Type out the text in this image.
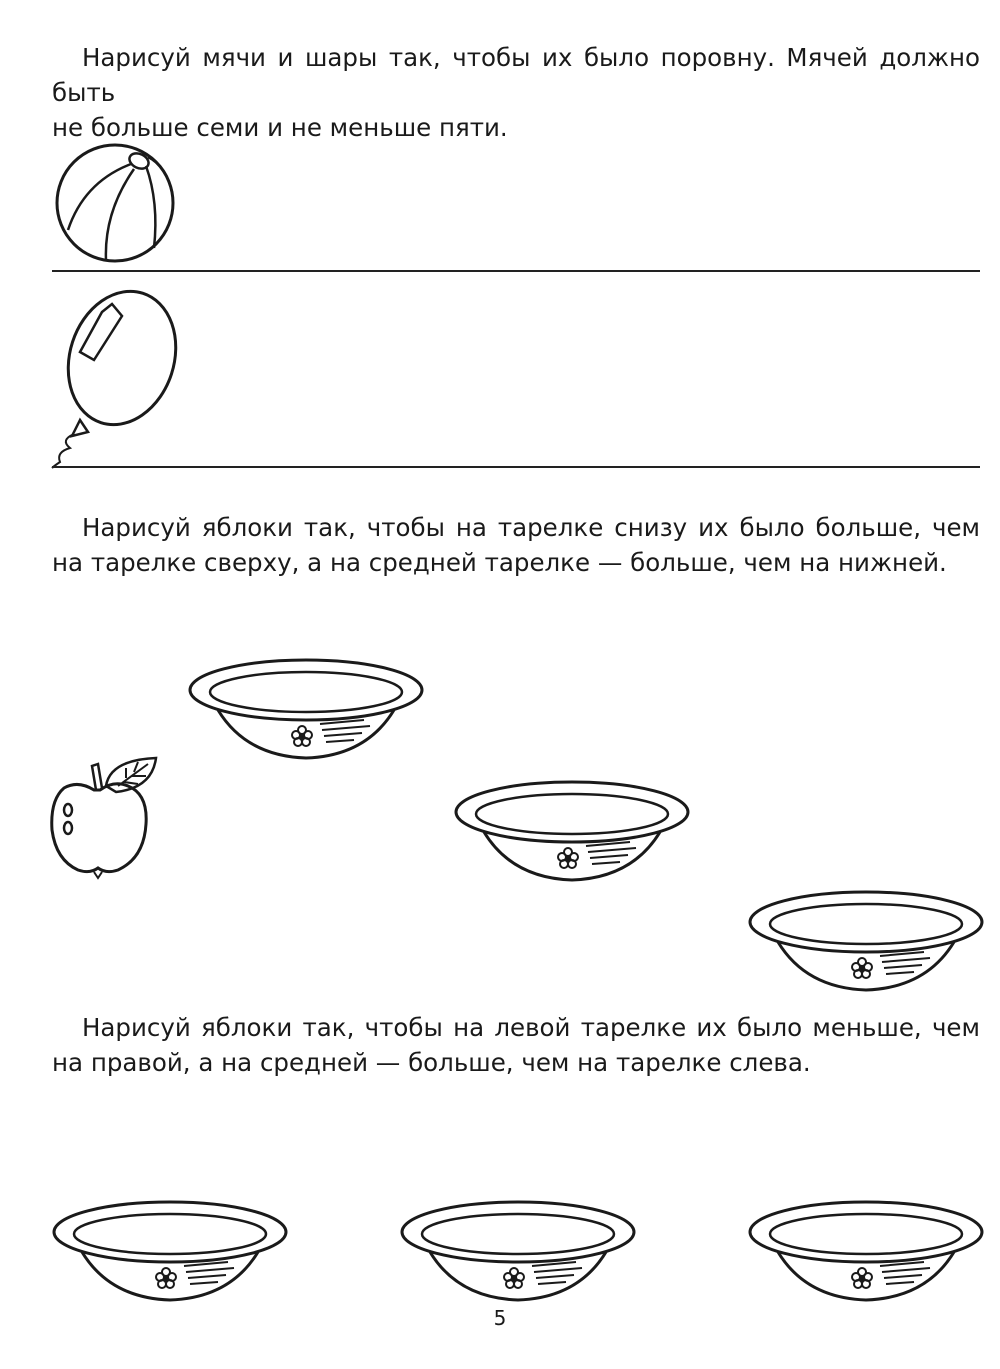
Нарисуй мячи и шары так, чтобы их было поровну. Мячей должно быть
не больше семи и не меньше пяти.

Нарисуй яблоки так, чтобы на тарелке снизу их было больше, чем
на тарелке сверху, а на средней тарелке — больше, чем на нижней.

Нарисуй яблоки так, чтобы на левой тарелке их было меньше, чем
на правой, а на средней — больше, чем на тарелке слева.

5
